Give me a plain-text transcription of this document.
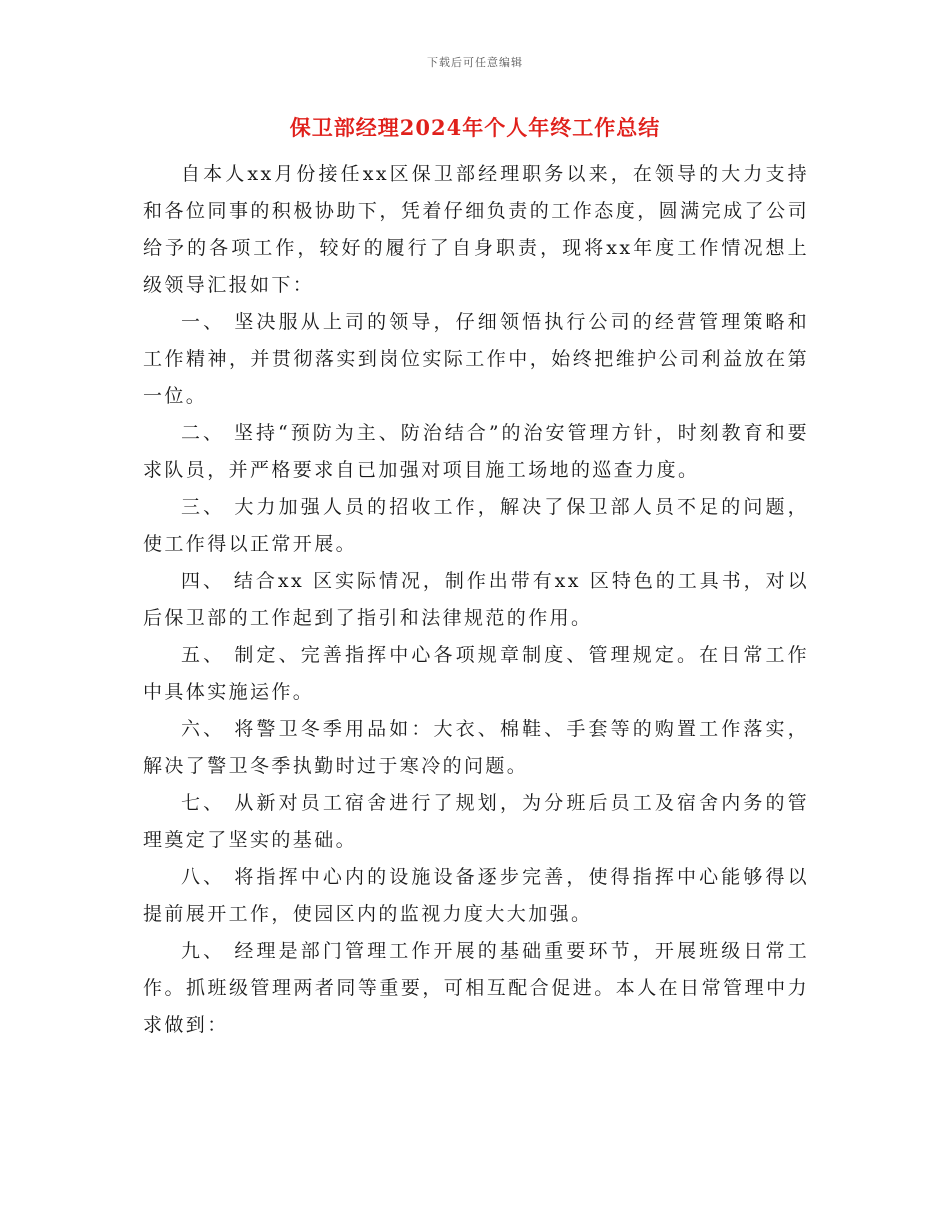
下载后可任意编辑
保卫部经理2024年个人年终工作总结

自本人xx月份接任xx区保卫部经理职务以来，在领导的大力支持和各位同事的积极协助下，凭着仔细负责的工作态度，圆满完成了公司给予的各项工作，较好的履行了自身职责，现将xx年度工作情况想上级领导汇报如下：

一、 坚决服从上司的领导，仔细领悟执行公司的经营管理策略和工作精神，并贯彻落实到岗位实际工作中，始终把维护公司利益放在第一位。

二、 坚持“预防为主、防治结合”的治安管理方针，时刻教育和要求队员，并严格要求自已加强对项目施工场地的巡查力度。

三、 大力加强人员的招收工作，解决了保卫部人员不足的问题，使工作得以正常开展。

四、 结合xx 区实际情况，制作出带有xx 区特色的工具书，对以后保卫部的工作起到了指引和法律规范的作用。

五、 制定、完善指挥中心各项规章制度、管理规定。在日常工作中具体实施运作。

六、 将警卫冬季用品如：大衣、棉鞋、手套等的购置工作落实，解决了警卫冬季执勤时过于寒冷的问题。

七、 从新对员工宿舍进行了规划，为分班后员工及宿舍内务的管理奠定了坚实的基础。

八、 将指挥中心内的设施设备逐步完善，使得指挥中心能够得以提前展开工作，使园区内的监视力度大大加强。

九、 经理是部门管理工作开展的基础重要环节，开展班级日常工作。抓班级管理两者同等重要，可相互配合促进。本人在日常管理中力求做到：
